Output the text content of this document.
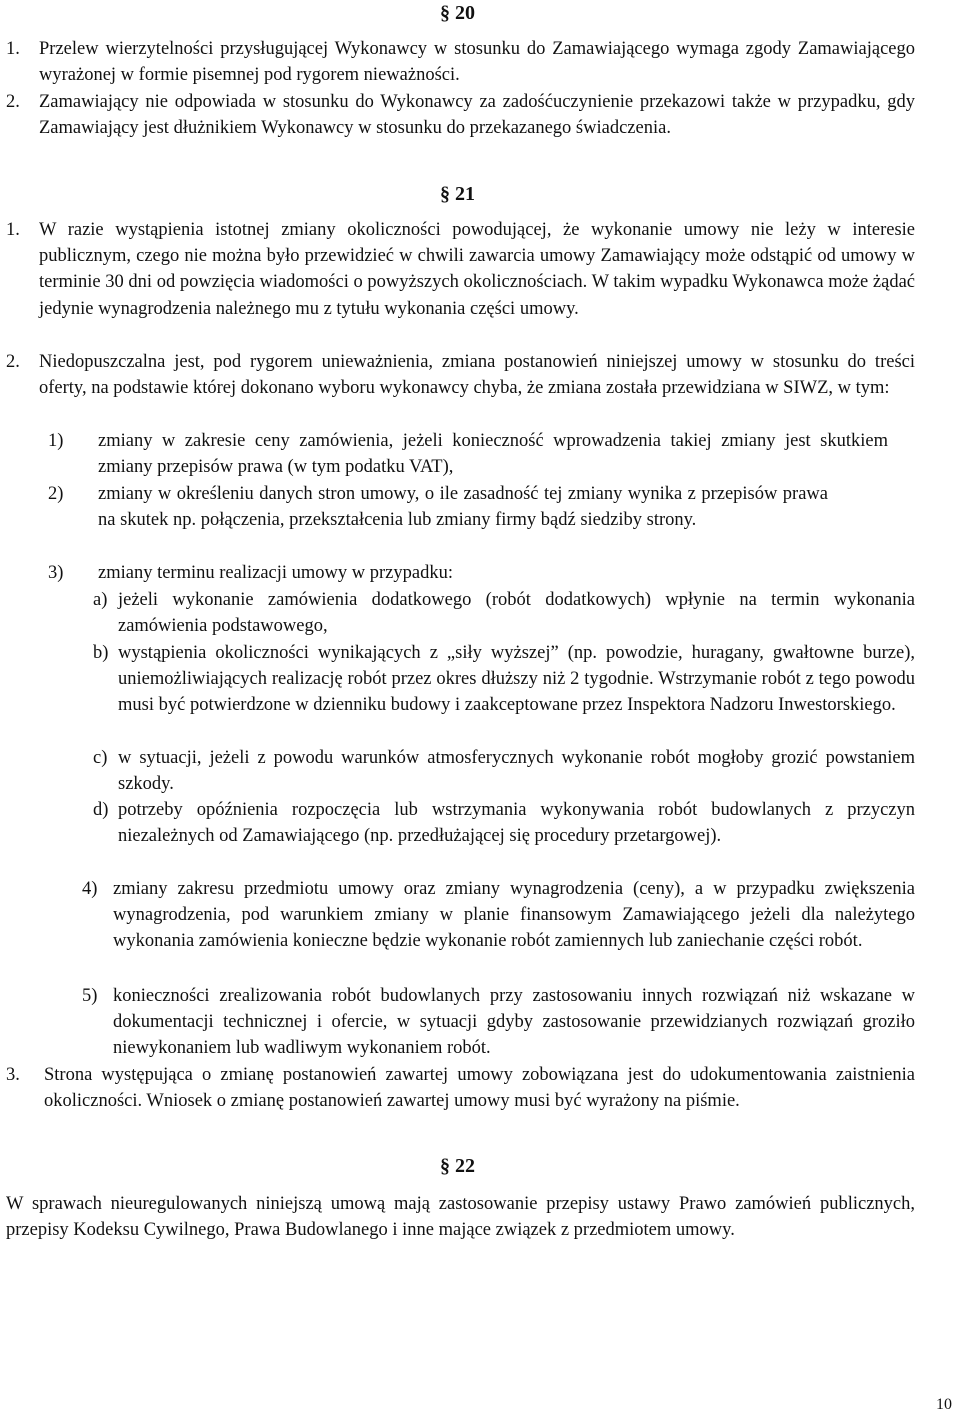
§ 20
1. Przelew wierzytelności przysługującej Wykonawcy w stosunku do Zamawiającego wymaga zgody Zamawiającego wyrażonej w formie pisemnej pod rygorem nieważności.
2. Zamawiający nie odpowiada w stosunku do Wykonawcy za zadośćuczynienie przekazowi także w przypadku, gdy Zamawiający jest dłużnikiem Wykonawcy w stosunku do przekazanego świadczenia.
§ 21
1. W razie wystąpienia istotnej zmiany okoliczności powodującej, że wykonanie umowy nie leży w interesie publicznym, czego nie można było przewidzieć w chwili zawarcia umowy Zamawiający może odstąpić od umowy w terminie 30 dni od powzięcia wiadomości o powyższych okolicznościach. W takim wypadku Wykonawca może żądać jedynie wynagrodzenia należnego mu z tytułu wykonania części umowy.
2. Niedopuszczalna jest, pod rygorem unieważnienia, zmiana postanowień niniejszej umowy w stosunku do treści oferty, na podstawie której dokonano wyboru wykonawcy chyba, że zmiana została przewidziana w SIWZ, w tym:
1) zmiany w zakresie ceny zamówienia, jeżeli konieczność wprowadzenia takiej zmiany jest skutkiem zmiany przepisów prawa (w tym podatku VAT),
2) zmiany w określeniu danych stron umowy, o ile zasadność tej zmiany wynika z przepisów prawa na skutek np. połączenia, przekształcenia lub zmiany firmy bądź siedziby strony.
3) zmiany terminu realizacji umowy w przypadku:
a) jeżeli wykonanie zamówienia dodatkowego (robót dodatkowych) wpłynie na termin wykonania zamówienia podstawowego,
b) wystąpienia okoliczności wynikających z „siły wyższej” (np. powodzie, huragany, gwałtowne burze), uniemożliwiających realizację robót przez okres dłuższy niż 2 tygodnie. Wstrzymanie robót z tego powodu musi być potwierdzone w dzienniku budowy i zaakceptowane przez Inspektora Nadzoru Inwestorskiego.
c) w sytuacji, jeżeli z powodu warunków atmosferycznych wykonanie robót mogłoby grozić powstaniem szkody.
d) potrzeby opóźnienia rozpoczęcia lub wstrzymania wykonywania robót budowlanych z przyczyn niezależnych od Zamawiającego (np. przedłużającej się procedury przetargowej).
4) zmiany zakresu przedmiotu umowy oraz zmiany wynagrodzenia (ceny), a w przypadku zwiększenia wynagrodzenia, pod warunkiem zmiany w planie finansowym Zamawiającego jeżeli dla należytego wykonania zamówienia konieczne będzie wykonanie robót zamiennych lub zaniechanie części robót.
5) konieczności zrealizowania robót budowlanych przy zastosowaniu innych rozwiązań niż wskazane w dokumentacji technicznej i ofercie, w sytuacji gdyby zastosowanie przewidzianych rozwiązań groziło niewykonaniem lub wadliwym wykonaniem robót.
3. Strona występująca o zmianę postanowień zawartej umowy zobowiązana jest do udokumentowania zaistnienia okoliczności. Wniosek o zmianę postanowień zawartej umowy musi być wyrażony na piśmie.
§ 22
W sprawach nieuregulowanych niniejszą umową mają zastosowanie przepisy ustawy Prawo zamówień publicznych, przepisy Kodeksu Cywilnego, Prawa Budowlanego i inne mające związek z przedmiotem umowy.
10
